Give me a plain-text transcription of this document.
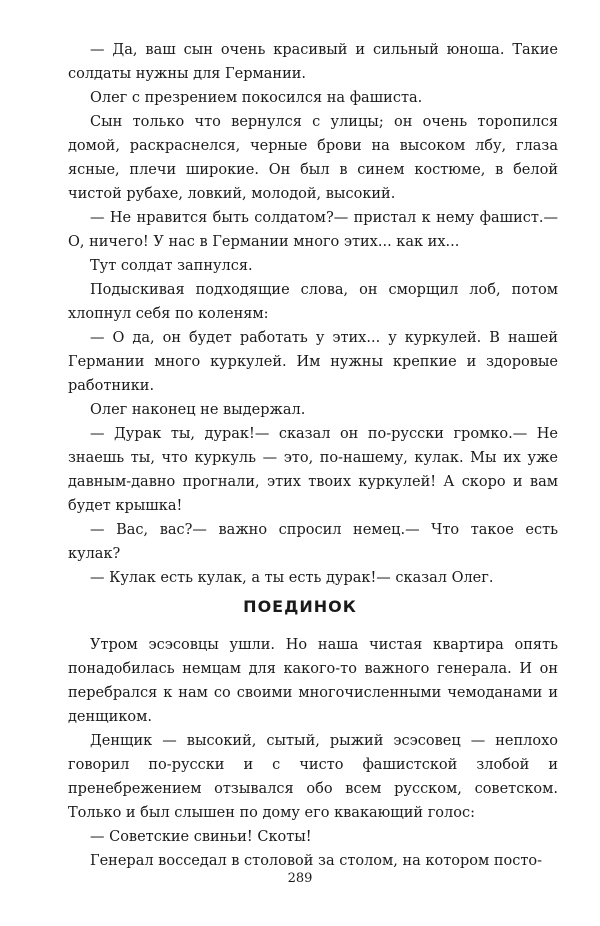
— Да, ваш сын очень красивый и сильный юноша. Такие солдаты нужны для Германии.

Олег с презрением покосился на фашиста.

Сын только что вернулся с улицы; он очень торопился домой, раскраснелся, черные брови на высоком лбу, глаза ясные, плечи широкие. Он был в синем костюме, в белой чистой рубахе, ловкий, молодой, высокий.

— Не нравится быть солдатом?— пристал к нему фашист.— О, ничего! У нас в Германии много этих... как их...

Тут солдат запнулся.

Подыскивая подходящие слова, он сморщил лоб, потом хлопнул себя по коленям:

— О да, он будет работать у этих... у куркулей. В нашей Германии много куркулей. Им нужны крепкие и здоровые работники.

Олег наконец не выдержал.

— Дурак ты, дурак!— сказал он по-русски громко.— Не знаешь ты, что куркуль — это, по-нашему, кулак. Мы их уже давным-давно прогнали, этих твоих куркулей! А скоро и вам будет крышка!

— Вас, вас?— важно спросил немец.— Что такое есть кулак?

— Кулак есть кулак, а ты есть дурак!— сказал Олег.

ПОЕДИНОК

Утром эсэсовцы ушли. Но наша чистая квартира опять понадобилась немцам для какого-то важного генерала. И он перебрался к нам со своими многочисленными чемоданами и денщиком.

Денщик — высокий, сытый, рыжий эсэсовец — неплохо говорил по-русски и с чисто фашистской злобой и пренебрежением отзывался обо всем русском, советском. Только и был слышен по дому его квакающий голос:

— Советские свиньи! Скоты!

Генерал восседал в столовой за столом, на котором посто-

289
